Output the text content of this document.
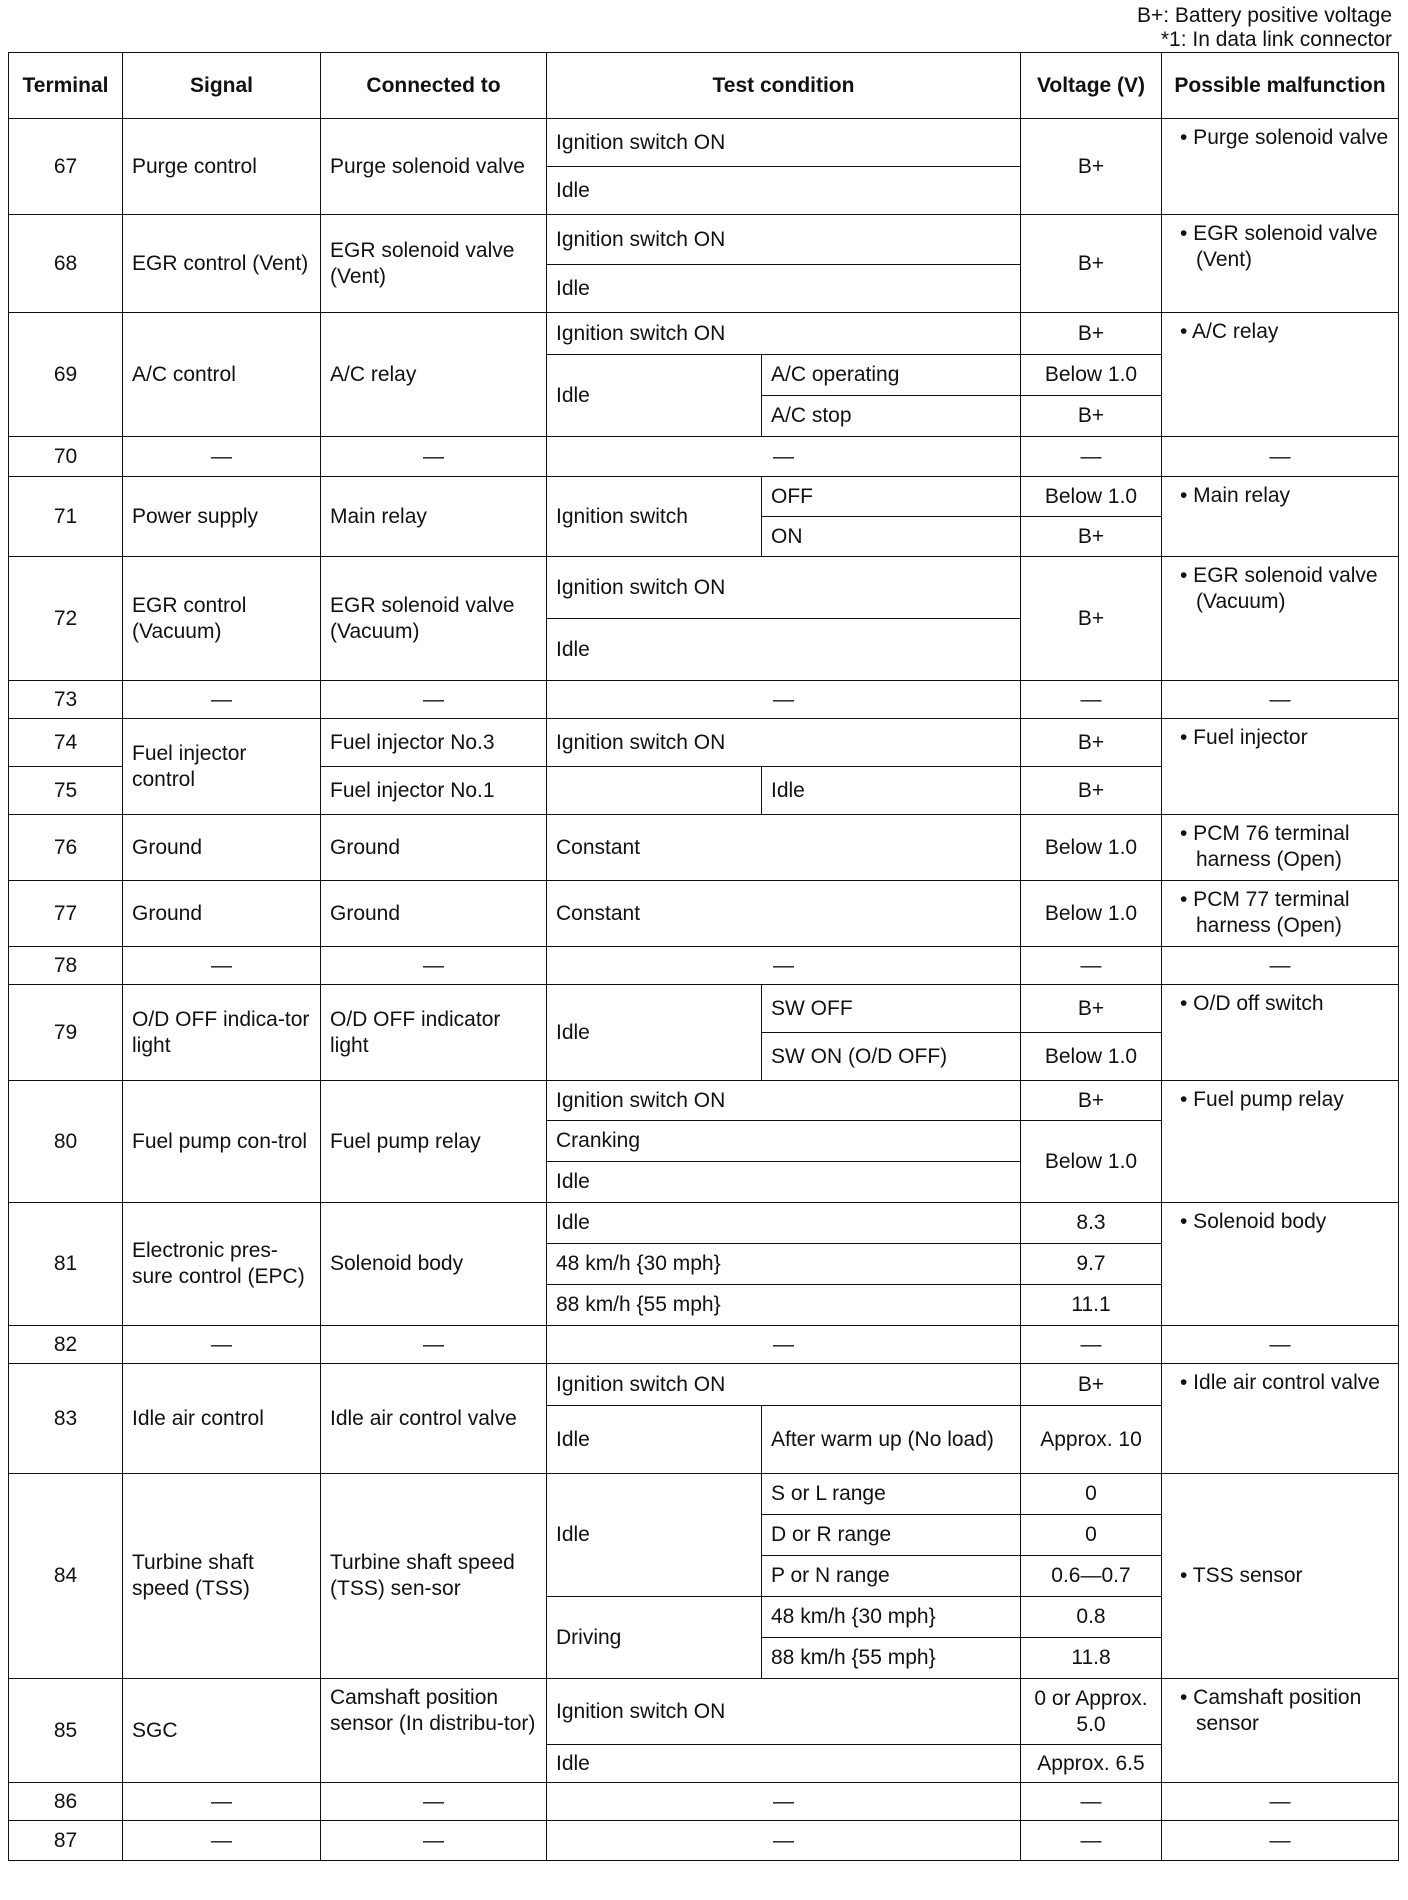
B+: Battery positive voltage
*1: In data link connector
Terminal	Signal	Connected to	Test condition		Voltage (V)	Possible malfunction
67	Purge control	Purge solenoid valve	Ignition switch ON		B+	• Purge solenoid valve
			Idle			
68	EGR control (Vent)	EGR solenoid valve (Vent)	Ignition switch ON		B+	• EGR solenoid valve (Vent)
			Idle			
69	A/C control	A/C relay	Ignition switch ON		B+	• A/C relay
			Idle	A/C operating	Below 1.0	
				A/C stop	B+	
70	—	—	—		—	—
71	Power supply	Main relay	Ignition switch	OFF	Below 1.0	• Main relay
				ON	B+	
72	EGR control (Vacuum)	EGR solenoid valve (Vacuum)	Ignition switch ON		B+	• EGR solenoid valve (Vacuum)
			Idle			
73	—	—	—		—	—
74	Fuel injector control	Fuel injector No.3	Ignition switch ON		B+	• Fuel injector
75		Fuel injector No.1		Idle	B+	
76	Ground	Ground	Constant		Below 1.0	• PCM 76 terminal harness (Open)
77	Ground	Ground	Constant		Below 1.0	• PCM 77 terminal harness (Open)
78	—	—	—		—	—
79	O/D OFF indica-tor light	O/D OFF indicator light	Idle	SW OFF	B+	• O/D off switch
				SW ON (O/D OFF)	Below 1.0	
80	Fuel pump con-trol	Fuel pump relay	Ignition switch ON		B+	• Fuel pump relay
			Cranking		Below 1.0	
			Idle			
81	Electronic pres-sure control (EPC)	Solenoid body	Idle		8.3	• Solenoid body
			48 km/h {30 mph}		9.7	
			88 km/h {55 mph}		11.1	
82	—	—	—		—	—
83	Idle air control	Idle air control valve	Ignition switch ON		B+	• Idle air control valve
			Idle	After warm up (No load)	Approx. 10	
84	Turbine shaft speed (TSS)	Turbine shaft speed (TSS) sen-sor	Idle	S or L range	0	• TSS sensor
				D or R range	0	
				P or N range	0.6—0.7	
			Driving	48 km/h {30 mph}	0.8	
				88 km/h {55 mph}	11.8	
85	SGC	Camshaft position sensor (In distribu-tor)	Ignition switch ON		0 or Approx. 5.0	• Camshaft position sensor
			Idle		Approx. 6.5	
86	—	—	—		—	—
87	—	—	—		—	—
